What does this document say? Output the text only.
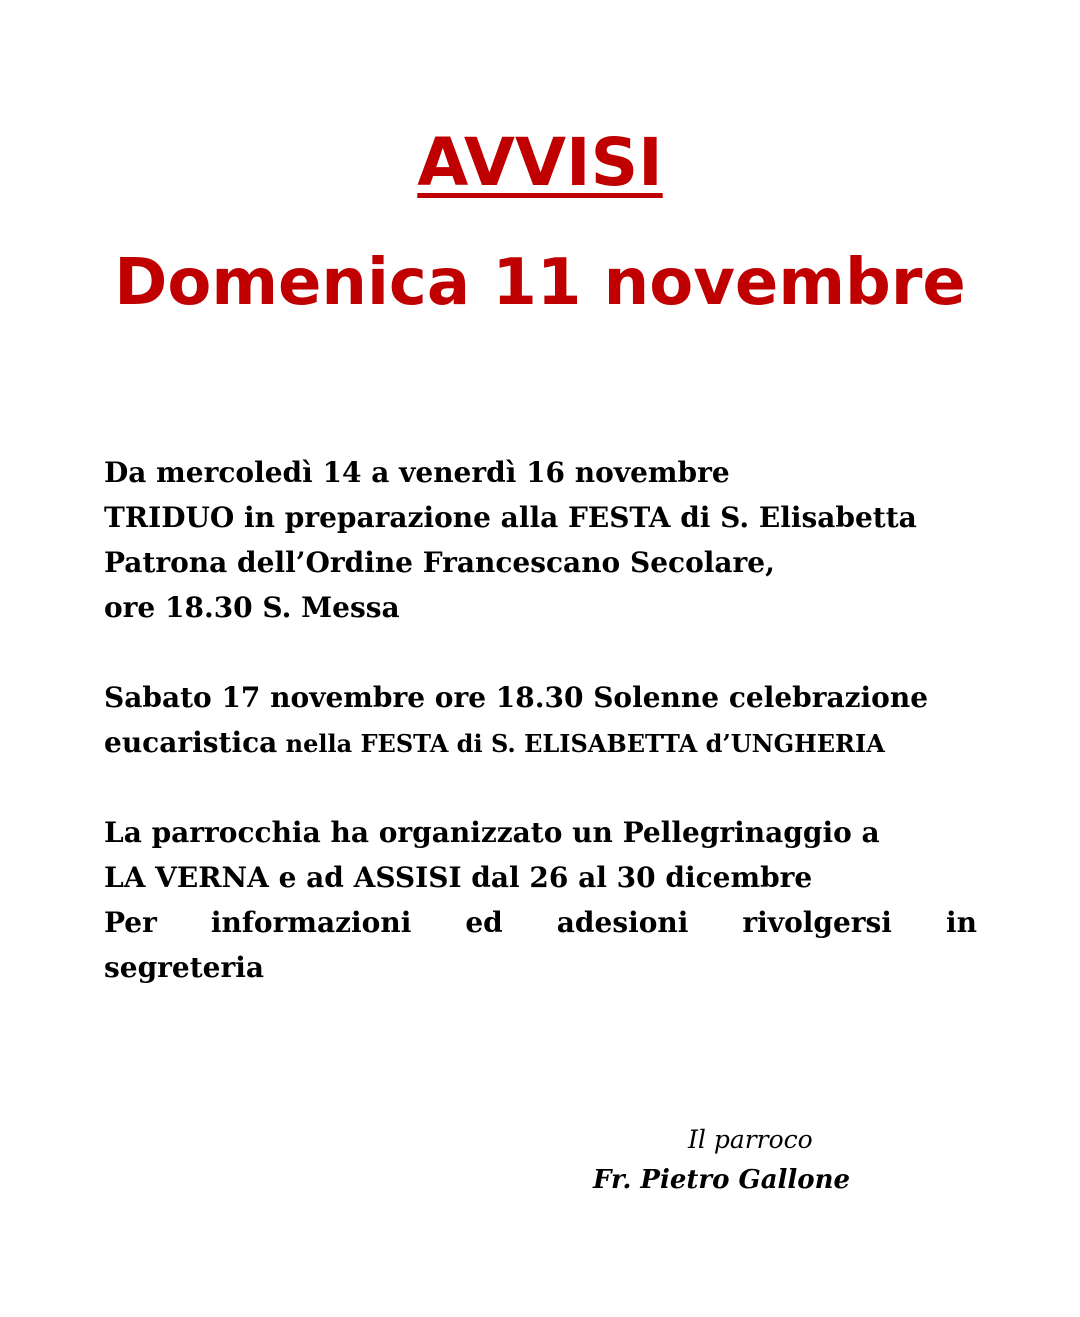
AVVISI
Domenica 11 novembre
Da mercoledì 14 a venerdì 16 novembre
TRIDUO in preparazione alla FESTA di S. Elisabetta
Patrona dell’Ordine Francescano Secolare,
ore 18.30 S. Messa
Sabato 17 novembre ore 18.30 Solenne celebrazione
eucaristica nella FESTA di S. ELISABETTA d’UNGHERIA
La parrocchia ha organizzato un Pellegrinaggio a
LA VERNA e ad ASSISI dal 26 al 30 dicembre
Per informazioni ed adesioni rivolgersi in
segreteria
Il parroco
Fr. Pietro Gallone
